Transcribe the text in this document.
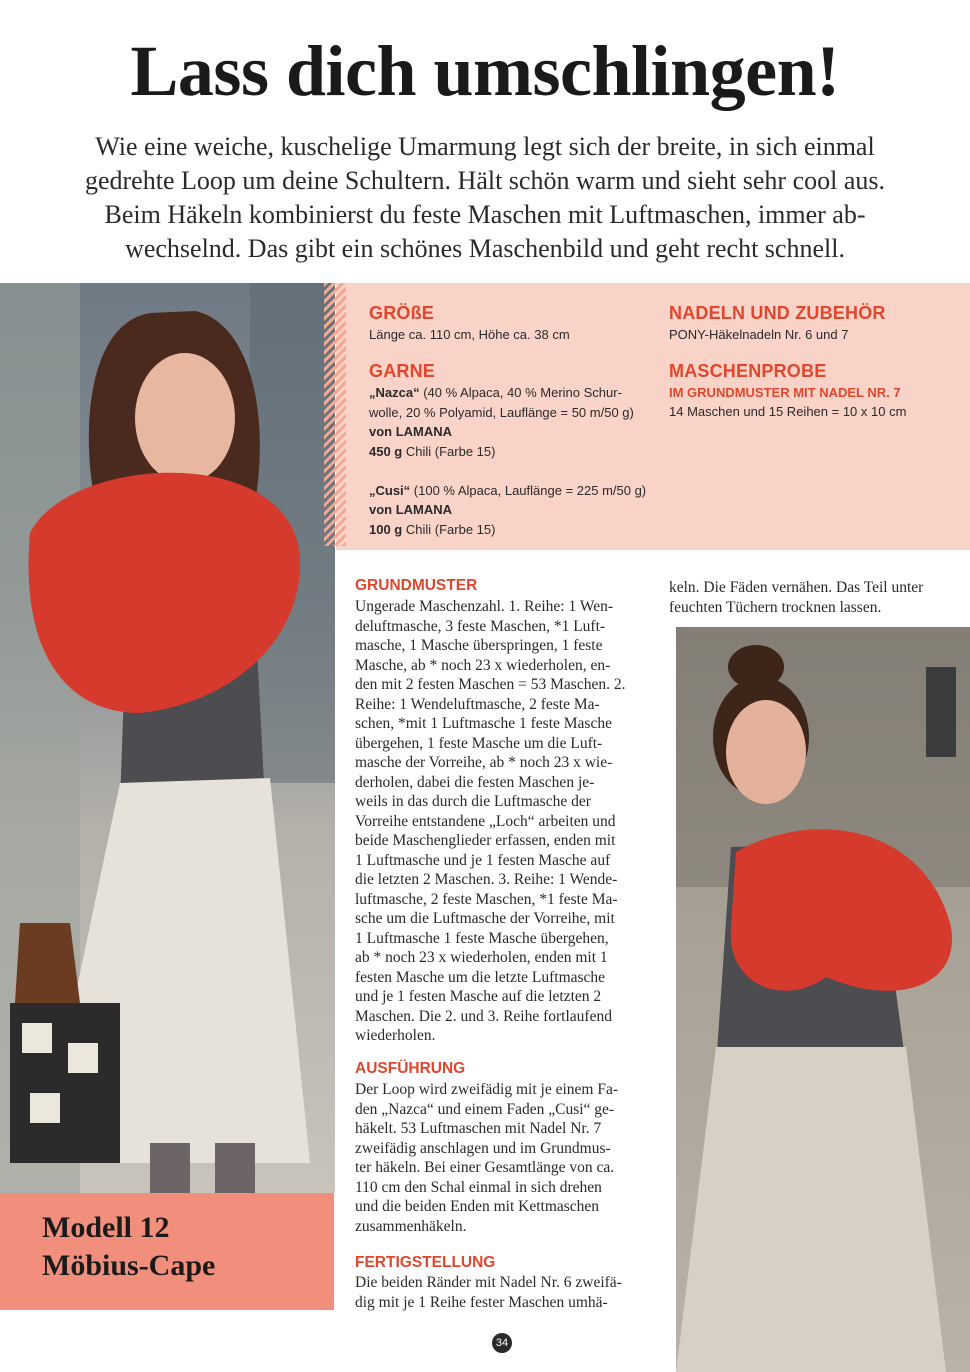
Lass dich umschlingen!
Wie eine weiche, kuschelige Umarmung legt sich der breite, in sich einmal
gedrehte Loop um deine Schultern. Hält schön warm und sieht sehr cool aus.
Beim Häkeln kombinierst du feste Maschen mit Luftmaschen, immer ab-
wechselnd. Das gibt ein schönes Maschenbild und geht recht schnell.
GRÖßE
Länge ca. 110 cm, Höhe ca. 38 cm
GARNE
„Nazca“ (40 % Alpaca, 40 % Merino Schur-
wolle, 20 % Polyamid, Lauflänge = 50 m/50 g)
von LAMANA
450 g Chili (Farbe 15)
„Cusi“ (100 % Alpaca, Lauflänge = 225 m/50 g)
von LAMANA
100 g Chili (Farbe 15)
NADELN UND ZUBEHÖR
PONY-Häkelnadeln Nr. 6 und 7
MASCHENPROBE
IM GRUNDMUSTER MIT NADEL NR. 7
14 Maschen und 15 Reihen = 10 x 10 cm
GRUNDMUSTER
Ungerade Maschenzahl. 1. Reihe: 1 Wen-
deluftmasche, 3 feste Maschen, *1 Luft-
masche, 1 Masche überspringen, 1 feste
Masche, ab * noch 23 x wiederholen, en-
den mit 2 festen Maschen = 53 Maschen. 2.
Reihe: 1 Wendeluftmasche, 2 feste Ma-
schen, *mit 1 Luftmasche 1 feste Masche
übergehen, 1 feste Masche um die Luft-
masche der Vorreihe, ab * noch 23 x wie-
derholen, dabei die festen Maschen je-
weils in das durch die Luftmasche der
Vorreihe entstandene „Loch“ arbeiten und
beide Maschenglieder erfassen, enden mit
1 Luftmasche und je 1 festen Masche auf
die letzten 2 Maschen. 3. Reihe: 1 Wende-
luftmasche, 2 feste Maschen, *1 feste Ma-
sche um die Luftmasche der Vorreihe, mit
1 Luftmasche 1 feste Masche übergehen,
ab * noch 23 x wiederholen, enden mit 1
festen Masche um die letzte Luftmasche
und je 1 festen Masche auf die letzten 2
Maschen. Die 2. und 3. Reihe fortlaufend
wiederholen.
AUSFÜHRUNG
Der Loop wird zweifädig mit je einem Fa-
den „Nazca“ und einem Faden „Cusi“ ge-
häkelt. 53 Luftmaschen mit Nadel Nr. 7
zweifädig anschlagen und im Grundmus-
ter häkeln. Bei einer Gesamtlänge von ca.
110 cm den Schal einmal in sich drehen
und die beiden Enden mit Kettmaschen
zusammenhäkeln.
FERTIGSTELLUNG
Die beiden Ränder mit Nadel Nr. 6 zweifä-
dig mit je 1 Reihe fester Maschen umhä-
keln. Die Fäden vernähen. Das Teil unter
feuchten Tüchern trocknen lassen.
Modell 12
Möbius-Cape
34
